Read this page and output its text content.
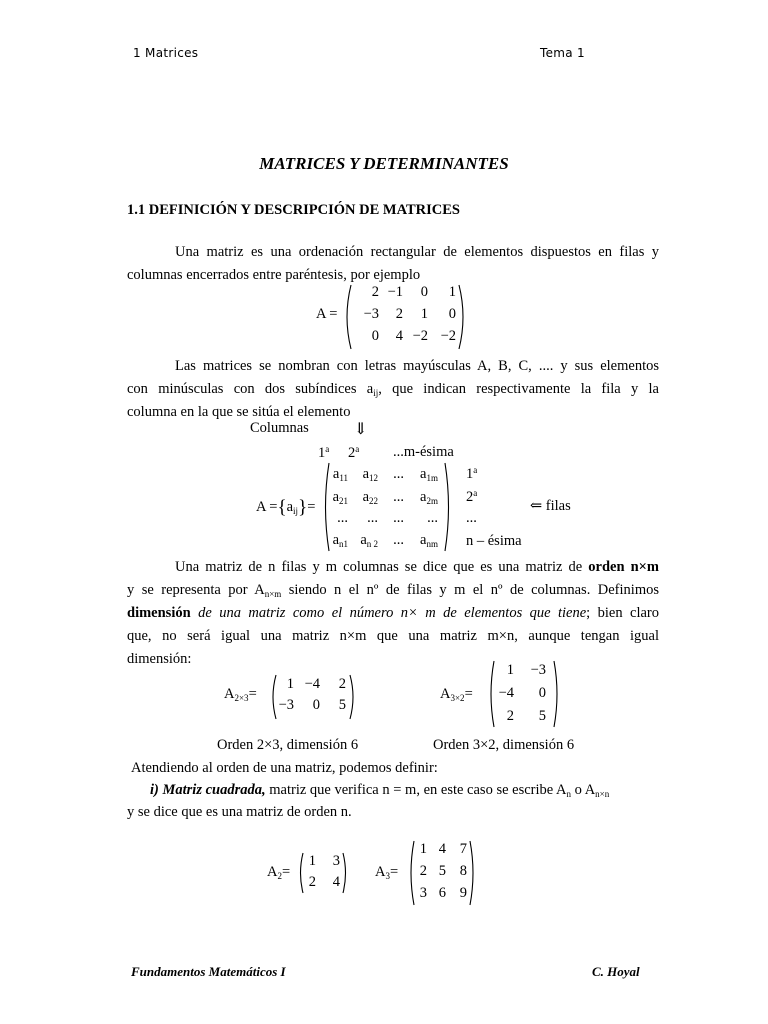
1 Matrices	Tema 1
MATRICES Y DETERMINANTES
1.1 DEFINICIÓN Y DESCRIPCIÓN DE MATRICES
Una matriz es una ordenación rectangular de elementos dispuestos en filas y
columnas encerrados entre paréntesis, por ejemplo
A =
2 −1	0	1
−3	2	1	0
0	4 −2 −2
Las matrices se nombran con letras mayúsculas A, B, C, .... y sus elementos
con minúsculas con dos subíndices $a_{ij}$, que indican respectivamente la fila y la
columna en la que se sitúa el elemento
Columnas	⇓
1$^a$ 2$^a$ ...m-ésima
$A =\{a_{ij}\}=$
$a_{11}$	$a_{12}$	...	$a_{1m}$
$a_{21}$	$a_{22}$	...	$a_{2m}$
...	...	...	...
$a_{n1}$ $a_{n 2}$	...	$a_{nm}$
1$^a$
2$^a$
...
n – ésima
⇐ filas
Una matriz de n filas y m columnas se dice que es una matriz de orden n×m
y se representa por $A_{n\times m}$ siendo n el nº de filas y m el nº de columnas. Definimos
dimensión de una matriz como el número n× m de elementos que tiene; bien claro
que, no será igual una matriz n×m que una matriz m×n, aunque tengan igual
dimensión:
$A_{2\times 3}=$
1 −4	2
−3	0	5
$A_{3\times 2}=$
1	−3
−4	0
2	5
Orden 2×3, dimensión 6	Orden 3×2, dimensión 6
Atendiendo al orden de una matriz, podemos definir:
i) Matriz cuadrada, matriz que verifica n = m, en este caso se escribe $A_n$ o $A_{n\times n}$
y se dice que es una matriz de orden n.
$A_2=$
1	3
2	4
$A_3=$
1 4 7
2 5 8
3 6 9
Fundamentos Matemáticos I	C. Hoyal
